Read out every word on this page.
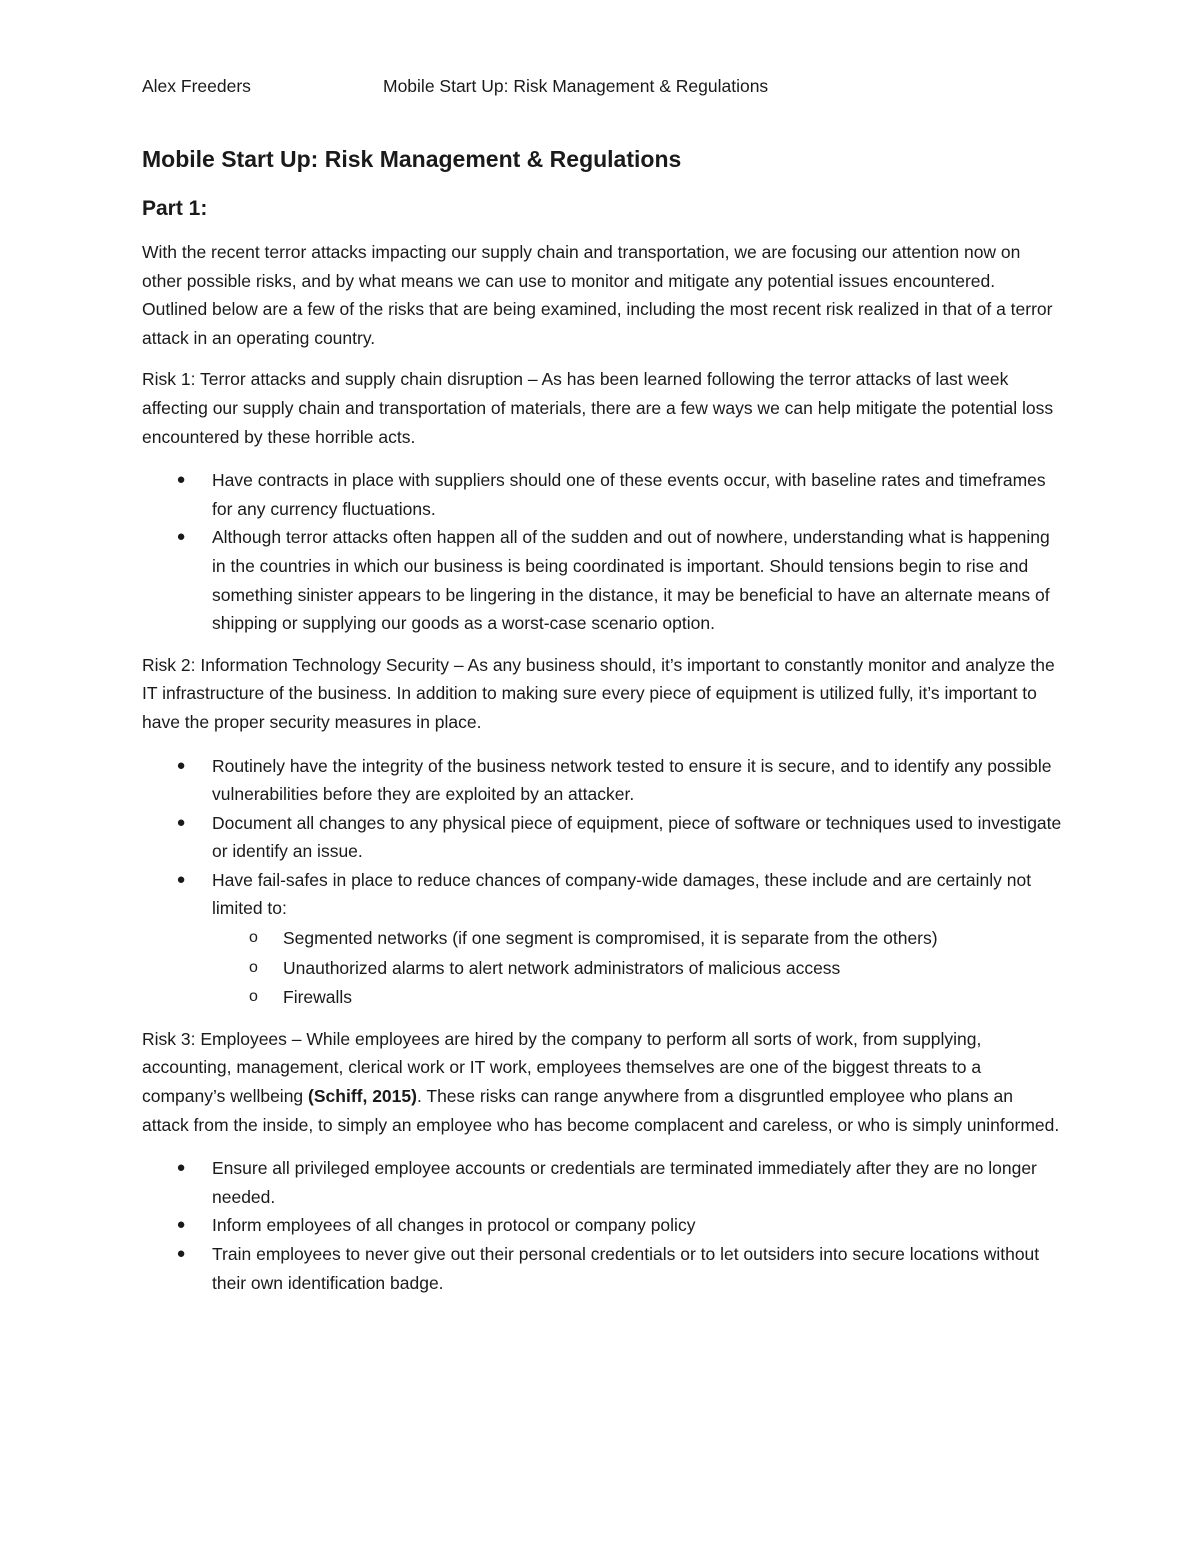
Alex Freeders	Mobile Start Up: Risk Management & Regulations
Mobile Start Up: Risk Management & Regulations
Part 1:

With the recent terror attacks impacting our supply chain and transportation, we are focusing our attention now on other possible risks, and by what means we can use to monitor and mitigate any potential issues encountered. Outlined below are a few of the risks that are being examined, including the most recent risk realized in that of a terror attack in an operating country.

Risk 1: Terror attacks and supply chain disruption – As has been learned following the terror attacks of last week affecting our supply chain and transportation of materials, there are a few ways we can help mitigate the potential loss encountered by these horrible acts.

● Have contracts in place with suppliers should one of these events occur, with baseline rates and timeframes for any currency fluctuations.
● Although terror attacks often happen all of the sudden and out of nowhere, understanding what is happening in the countries in which our business is being coordinated is important. Should tensions begin to rise and something sinister appears to be lingering in the distance, it may be beneficial to have an alternate means of shipping or supplying our goods as a worst-case scenario option.

Risk 2: Information Technology Security – As any business should, it’s important to constantly monitor and analyze the IT infrastructure of the business. In addition to making sure every piece of equipment is utilized fully, it’s important to have the proper security measures in place.

● Routinely have the integrity of the business network tested to ensure it is secure, and to identify any possible vulnerabilities before they are exploited by an attacker.
● Document all changes to any physical piece of equipment, piece of software or techniques used to investigate or identify an issue.
● Have fail-safes in place to reduce chances of company-wide damages, these include and are certainly not limited to:
o Segmented networks (if one segment is compromised, it is separate from the others)
o Unauthorized alarms to alert network administrators of malicious access
o Firewalls

Risk 3: Employees – While employees are hired by the company to perform all sorts of work, from supplying, accounting, management, clerical work or IT work, employees themselves are one of the biggest threats to a company’s wellbeing (Schiff, 2015). These risks can range anywhere from a disgruntled employee who plans an attack from the inside, to simply an employee who has become complacent and careless, or who is simply uninformed.

● Ensure all privileged employee accounts or credentials are terminated immediately after they are no longer needed.
● Inform employees of all changes in protocol or company policy
● Train employees to never give out their personal credentials or to let outsiders into secure locations without their own identification badge.
